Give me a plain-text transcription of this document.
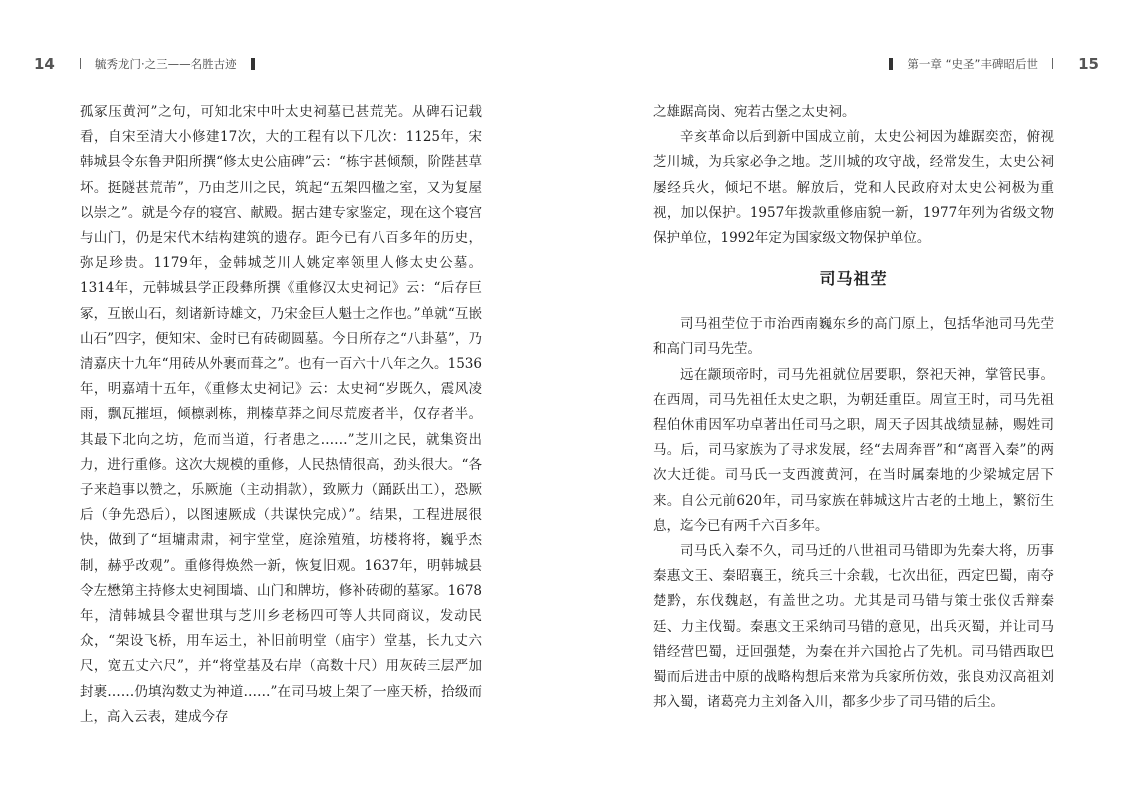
14	毓秀龙门·之三——名胜古迹

孤冢压黄河”之句，可知北宋中叶太史祠墓已甚荒芜。从碑石记载看，自宋至清大小修建17次，大的工程有以下几次：1125年，宋韩城县令东鲁尹阳所撰“修太史公庙碑”云：“栋宇甚倾颓，阶陛甚草坏。挺隧甚荒芾”，乃由芝川之民，筑起“五架四楹之室，又为复屋以崇之”。就是今存的寝宫、献殿。据古建专家鉴定，现在这个寝宫与山门，仍是宋代木结构建筑的遗存。距今已有八百多年的历史，弥足珍贵。1179年，金韩城芝川人姚定率领里人修太史公墓。1314年，元韩城县学正段彝所撰《重修汉太史祠记》云：“后存巨冢，互嵌山石，刻诸新诗雄文，乃宋金巨人魁士之作也。”单就“互嵌山石”四字，便知宋、金时已有砖砌圆墓。今日所存之“八卦墓”，乃清嘉庆十九年“用砖从外裹而葺之”。也有一百六十八年之久。1536年，明嘉靖十五年，《重修太史祠记》云：太史祠“岁既久，震风凌雨，飘瓦摧垣，倾檩剥栋，荆榛草莽之间尽荒废者半，仅存者半。其最下北向之坊，危而当道，行者患之……”芝川之民，就集资出力，进行重修。这次大规模的重修，人民热情很高，劲头很大。“各子来趋事以赞之，乐厥施（主动捐款），致厥力（踊跃出工），恐厥后（争先恐后），以图速厥成（共谋快完成）”。结果，工程进展很快，做到了“垣墉肃肃，祠宇堂堂，庭涂殖殖，坊楼将将，巍乎杰制，赫乎改观”。重修得焕然一新，恢复旧观。1637年，明韩城县令左懋第主持修太史祠围墙、山门和牌坊，修补砖砌的墓冢。1678年，清韩城县令翟世琪与芝川乡老杨四可等人共同商议，发动民众，“架设飞桥，用车运土，补旧前明堂（庙宇）堂基，长九丈六尺，宽五丈六尺”，并“将堂基及右岸（高数十尺）用灰砖三层严加封裹……仍填沟数丈为神道……”在司马坡上架了一座天桥，拾级而上，高入云表，建成今存

15
第一章 “史圣”丰碑昭后世

之雄踞高岗、宛若古堡之太史祠。

辛亥革命以后到新中国成立前，太史公祠因为雄踞奕峦，俯视芝川城，为兵家必争之地。芝川城的攻守战，经常发生，太史公祠屡经兵火，倾圮不堪。解放后，党和人民政府对太史公祠极为重视，加以保护。1957年拨款重修庙貌一新，1977年列为省级文物保护单位，1992年定为国家级文物保护单位。

司马祖茔

司马祖茔位于市治西南巍东乡的高门原上，包括华池司马先茔和高门司马先茔。

远在颛顼帝时，司马先祖就位居要职，祭祀天神，掌管民事。在西周，司马先祖任太史之职，为朝廷重臣。周宣王时，司马先祖程伯休甫因军功卓著出任司马之职，周天子因其战绩显赫，赐姓司马。后，司马家族为了寻求发展，经“去周奔晋”和“离晋入秦”的两次大迁徙。司马氏一支西渡黄河，在当时属秦地的少梁城定居下来。自公元前620年，司马家族在韩城这片古老的土地上，繁衍生息，迄今已有两千六百多年。

司马氏入秦不久，司马迁的八世祖司马错即为先秦大将，历事秦惠文王、秦昭襄王，统兵三十余载，七次出征，西定巴蜀，南夺楚黔，东伐魏赵，有盖世之功。尤其是司马错与策士张仪舌辩秦廷、力主伐蜀。秦惠文王采纳司马错的意见，出兵灭蜀，并让司马错经营巴蜀，迂回强楚，为秦在并六国抢占了先机。司马错西取巴蜀而后进击中原的战略构想后来常为兵家所仿效，张良劝汉高祖刘邦入蜀，诸葛亮力主刘备入川，都多少步了司马错的后尘。
